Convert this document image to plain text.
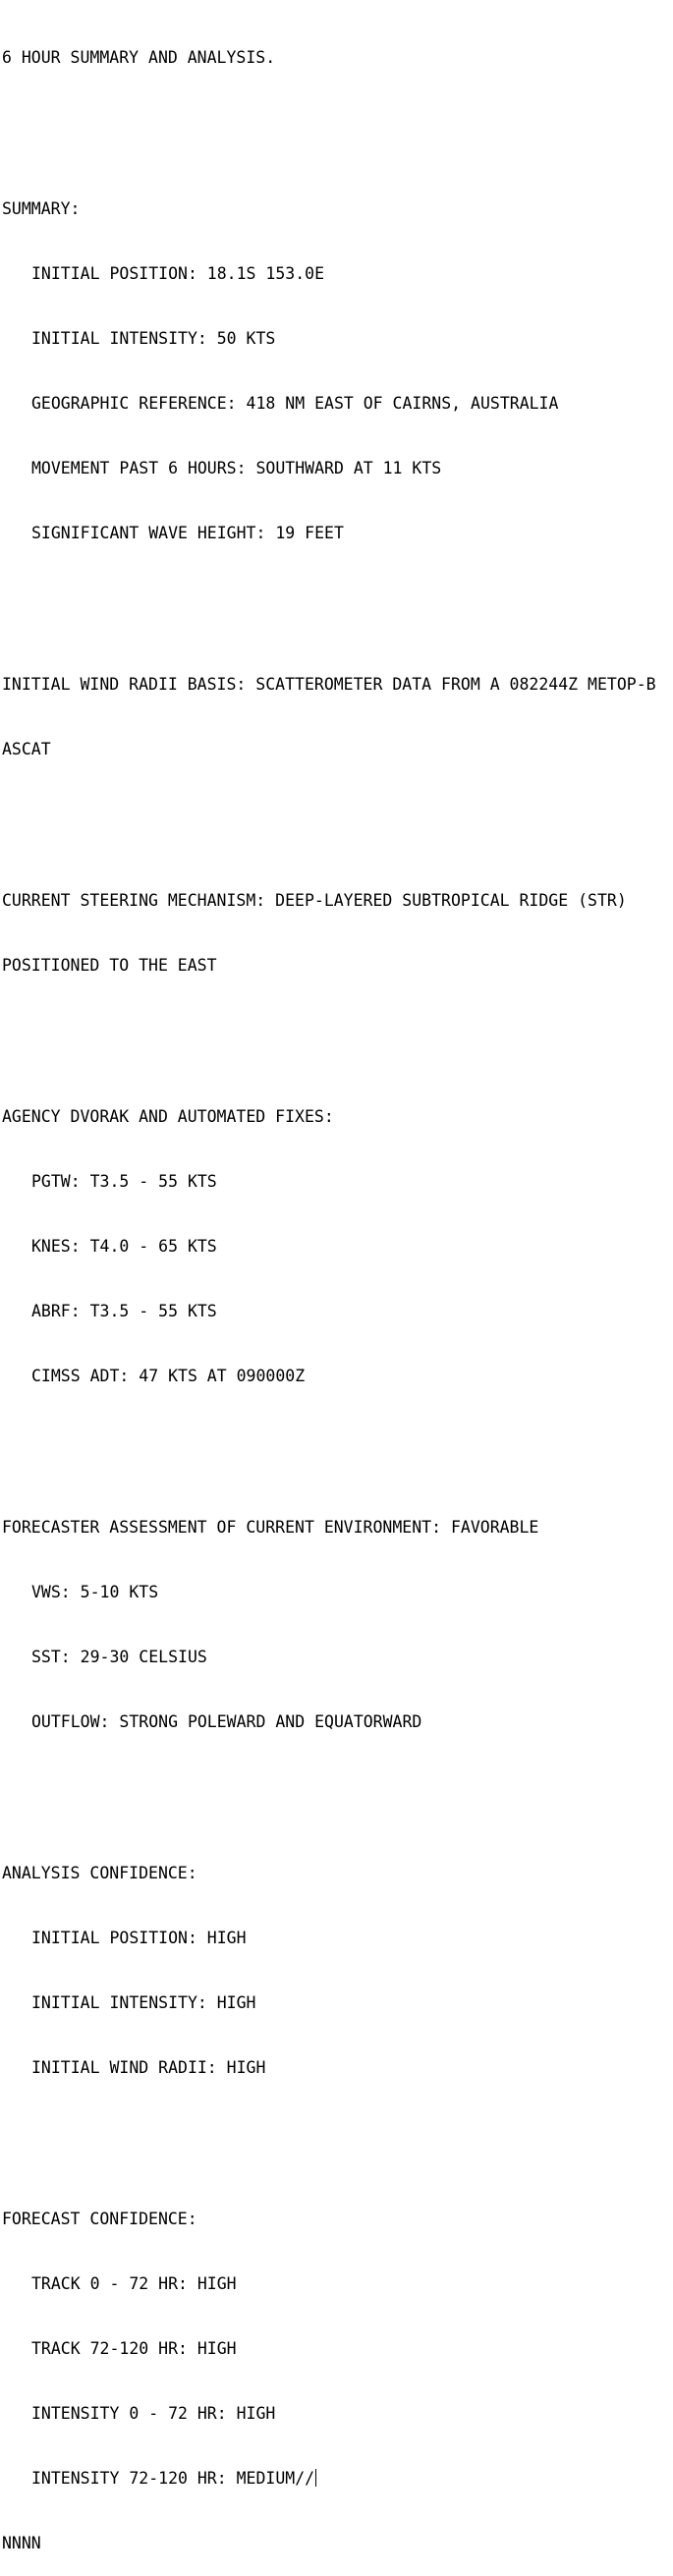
6 HOUR SUMMARY AND ANALYSIS.

SUMMARY:

INITIAL POSITION: 18.1S 153.0E

INITIAL INTENSITY: 50 KTS

GEOGRAPHIC REFERENCE: 418 NM EAST OF CAIRNS, AUSTRALIA

MOVEMENT PAST 6 HOURS: SOUTHWARD AT 11 KTS

SIGNIFICANT WAVE HEIGHT: 19 FEET

INITIAL WIND RADII BASIS: SCATTEROMETER DATA FROM A 082244Z METOP-B

ASCAT

CURRENT STEERING MECHANISM: DEEP-LAYERED SUBTROPICAL RIDGE (STR)

POSITIONED TO THE EAST

AGENCY DVORAK AND AUTOMATED FIXES:

PGTW: T3.5 - 55 KTS

KNES: T4.0 - 65 KTS

ABRF: T3.5 - 55 KTS

CIMSS ADT: 47 KTS AT 090000Z

FORECASTER ASSESSMENT OF CURRENT ENVIRONMENT: FAVORABLE

VWS: 5-10 KTS

SST: 29-30 CELSIUS

OUTFLOW: STRONG POLEWARD AND EQUATORWARD

ANALYSIS CONFIDENCE:

INITIAL POSITION: HIGH

INITIAL INTENSITY: HIGH

INITIAL WIND RADII: HIGH

FORECAST CONFIDENCE:

TRACK 0 - 72 HR: HIGH

TRACK 72-120 HR: HIGH

INTENSITY 0 - 72 HR: HIGH

INTENSITY 72-120 HR: MEDIUM//

NNNN
